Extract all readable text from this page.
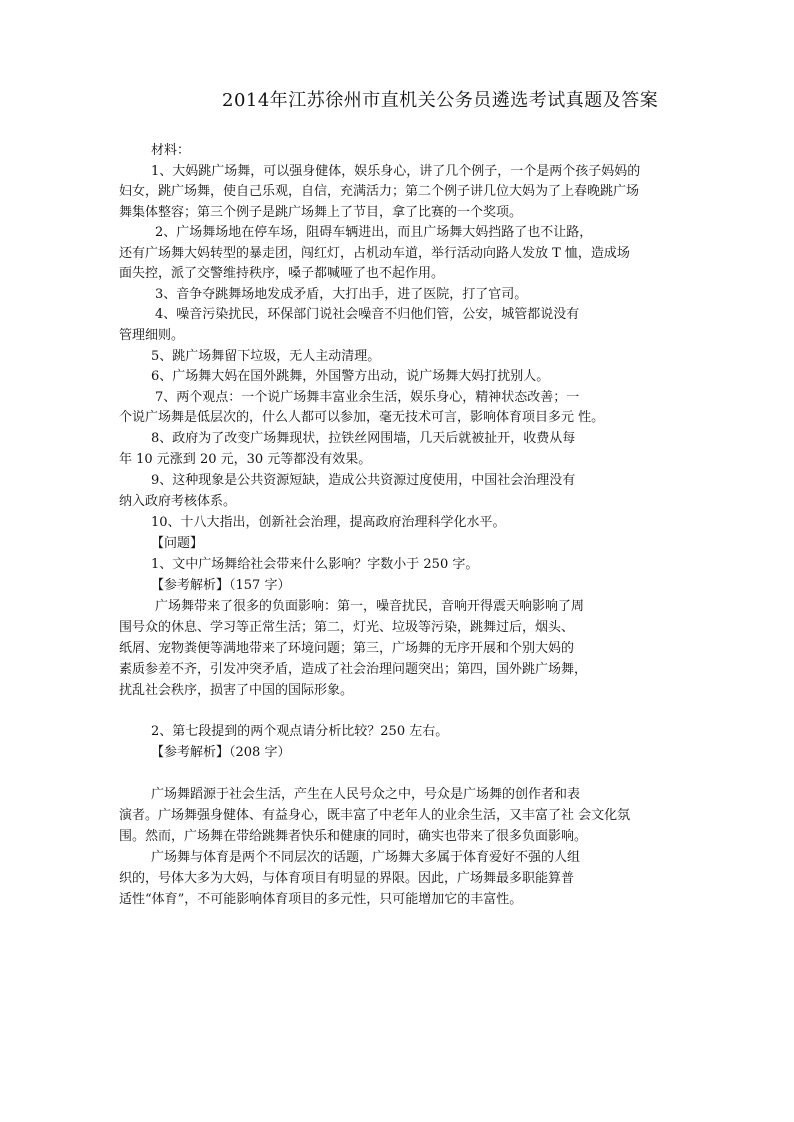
2014年江苏徐州市直机关公务员遴选考试真题及答案
材料：
1、大妈跳广场舞，可以强身健体，娱乐身心，讲了几个例子，一个是两个孩子妈妈的
妇女，跳广场舞，使自己乐观，自信，充满活力；第二个例子讲几位大妈为了上春晚跳广场
舞集体整容；第三个例子是跳广场舞上了节目，拿了比赛的一个奖项。
2、广场舞场地在停车场，阻碍车辆进出，而且广场舞大妈挡路了也不让路，
还有广场舞大妈转型的暴走团，闯红灯，占机动车道，举行活动向路人发放 T 恤，造成场
面失控，派了交警维持秩序，嗓子都喊哑了也不起作用。
3、音争夺跳舞场地发成矛盾，大打出手，进了医院，打了官司。
4、噪音污染扰民，环保部门说社会噪音不归他们管，公安，城管都说没有
管理细则。
5、跳广场舞留下垃圾，无人主动清理。
6、广场舞大妈在国外跳舞，外国警方出动，说广场舞大妈打扰别人。
7、两个观点：一个说广场舞丰富业余生活，娱乐身心，精神状态改善；一
个说广场舞是低层次的，什么人都可以参加，毫无技术可言，影响体育项目多元 性。
8、政府为了改变广场舞现状，拉铁丝网围墙，几天后就被扯开，收费从每
年 10 元涨到 20 元，30 元等都没有效果。
9、这种现象是公共资源短缺，造成公共资源过度使用，中国社会治理没有
纳入政府考核体系。
10、十八大指出，创新社会治理，提高政府治理科学化水平。
【问题】
1、文中广场舞给社会带来什么影响？字数小于 250 字。
【参考解析】（157 字）
广场舞带来了很多的负面影响：第一，噪音扰民，音响开得震天响影响了周
围号众的休息、学习等正常生活；第二，灯光、垃圾等污染，跳舞过后，烟头、
纸屑、宠物粪便等满地带来了环境问题；第三，广场舞的无序开展和个别大妈的
素质参差不齐，引发冲突矛盾，造成了社会治理问题突出；第四，国外跳广场舞，
扰乱社会秩序，损害了中国的国际形象。
2、第七段提到的两个观点请分析比较？250 左右。
【参考解析】（208 字）
广场舞蹈源于社会生活，产生在人民号众之中，号众是广场舞的创作者和表
演者。广场舞强身健体、有益身心，既丰富了中老年人的业余生活，又丰富了社 会文化氛
围。然而，广场舞在带给跳舞者快乐和健康的同时，确实也带来了很多负面影响。
广场舞与体育是两个不同层次的话题，广场舞大多属于体育爱好不强的人组
织的，号体大多为大妈，与体育项目有明显的界限。因此，广场舞最多职能算普
适性“体育”，不可能影响体育项目的多元性，只可能增加它的丰富性。
